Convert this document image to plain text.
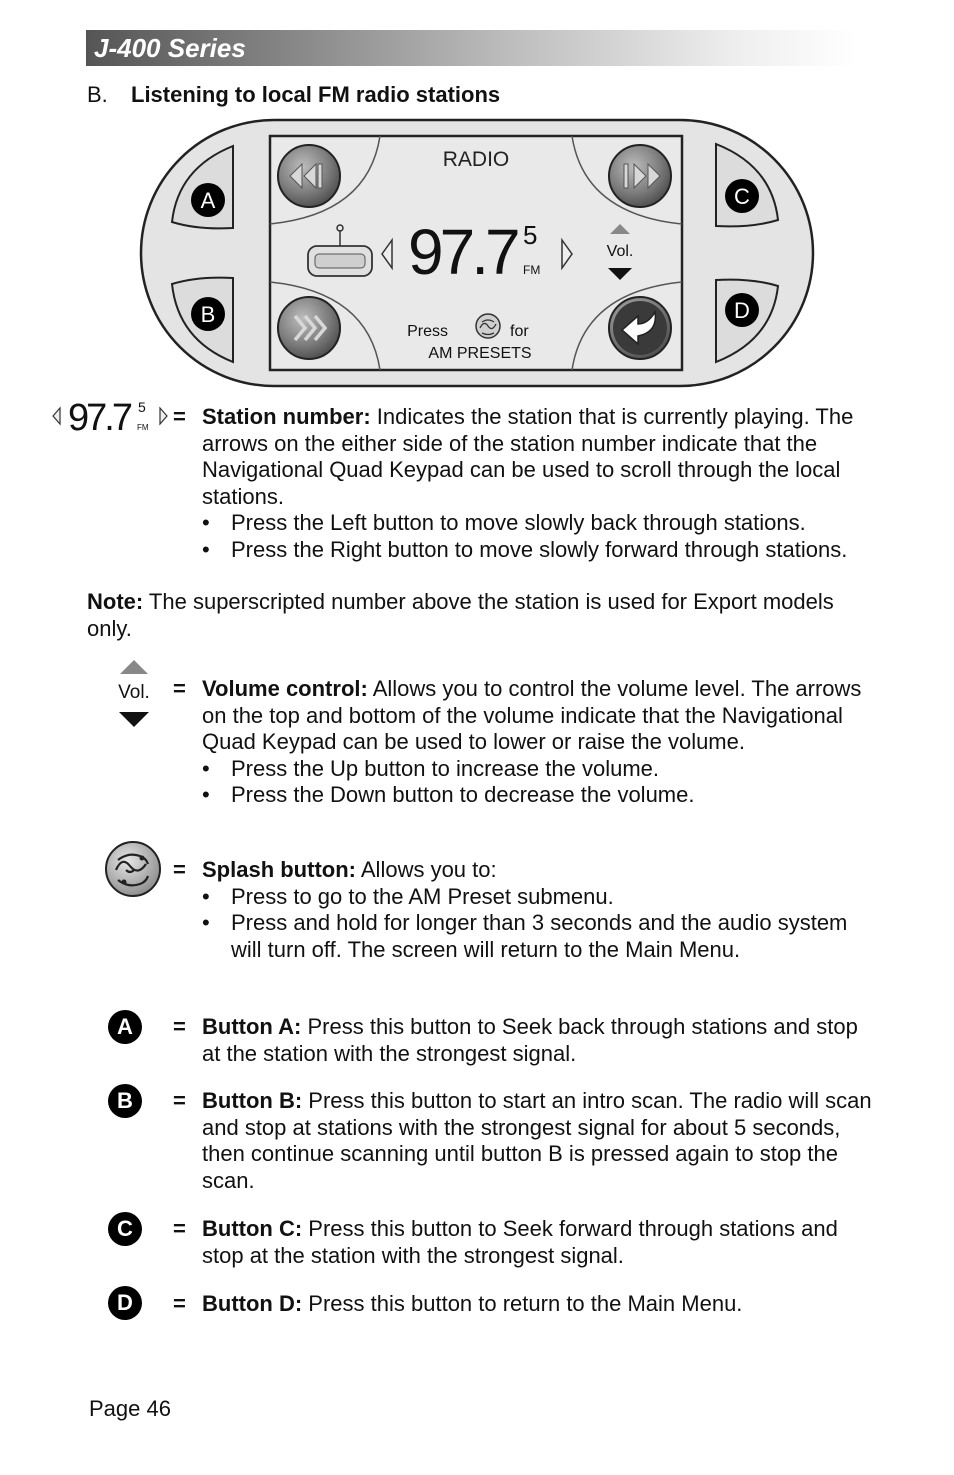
J-400 Series
B. Listening to local FM radio stations
A
B
C
D
RADIO
97.7 5
FM
Vol.
Press	for
AM PRESETS
97.7 5
FM = Station number: Indicates the station that is currently playing. The arrows on the either side of the station number indicate that the Navigational Quad Keypad can be used to scroll through the local stations.
• Press the Left button to move slowly back through stations.
• Press the Right button to move slowly forward through stations.
Note: The superscripted number above the station is used for Export models only.
Vol. = Volume control: Allows you to control the volume level. The arrows on the top and bottom of the volume indicate that the Navigational Quad Keypad can be used to lower or raise the volume.
• Press the Up button to increase the volume.
• Press the Down button to decrease the volume.
= Splash button: Allows you to:
• Press to go to the AM Preset submenu.
• Press and hold for longer than 3 seconds and the audio system will turn off. The screen will return to the Main Menu.
A	= Button A: Press this button to Seek back through stations and stop at the station with the strongest signal.
B	= Button B: Press this button to start an intro scan. The radio will scan and stop at stations with the strongest signal for about 5 seconds, then continue scanning until button B is pressed again to stop the scan.
C	= Button C: Press this button to Seek forward through stations and stop at the station with the strongest signal.
D	= Button D: Press this button to return to the Main Menu.
Page 46
